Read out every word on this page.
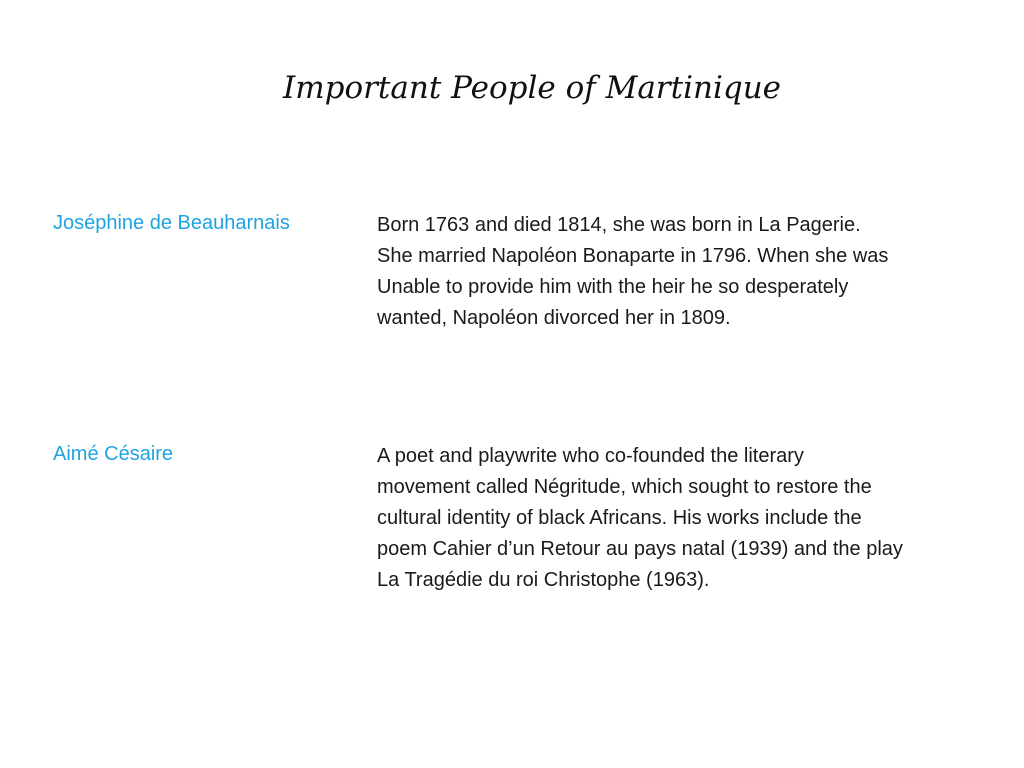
Important People of Martinique
Joséphine de Beauharnais	Born 1763 and died 1814, she was born in La Pagerie.
She married Napoléon Bonaparte in 1796. When she was
Unable to provide him with the heir he so desperately
wanted, Napoléon divorced her in 1809.
Aimé Césaire	A poet and playwrite who co-founded the literary
movement called Négritude, which sought to restore the
cultural identity of black Africans. His works include the
poem Cahier d’un Retour au pays natal (1939) and the play
La Tragédie du roi Christophe (1963).
